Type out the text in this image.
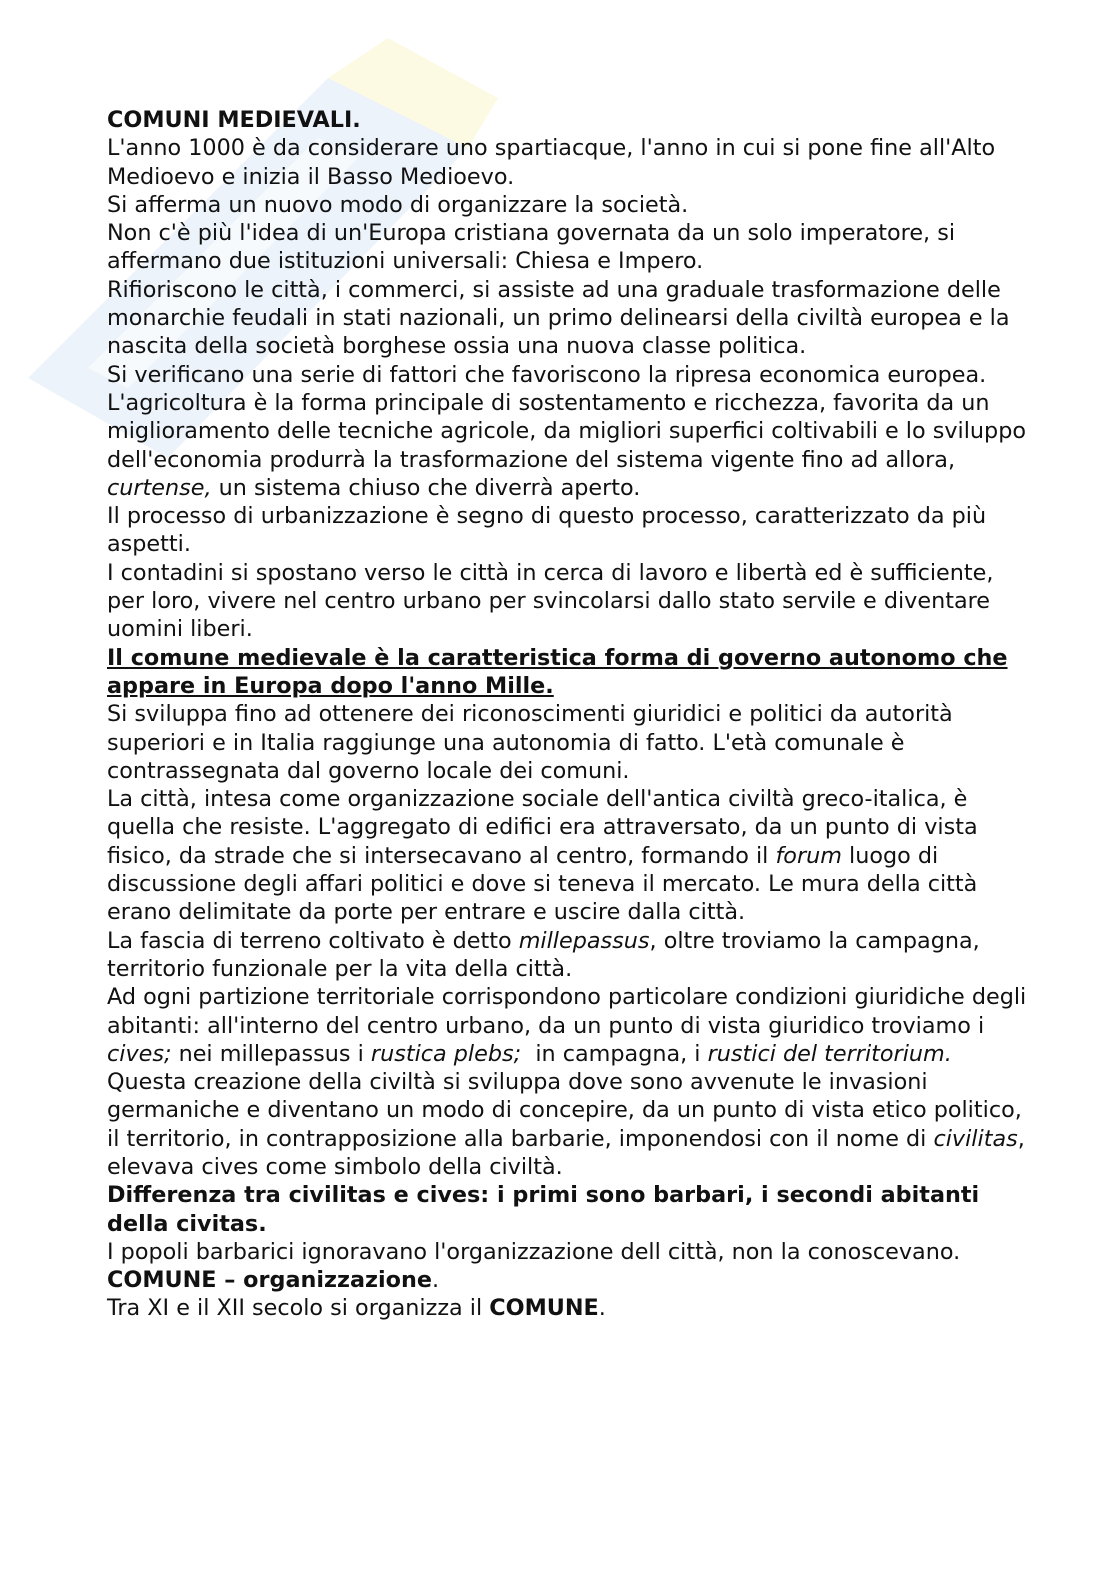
COMUNI MEDIEVALI.

L'anno 1000 è da considerare uno spartiacque, l'anno in cui si pone fine all'Alto Medioevo e inizia il Basso Medioevo.

Si afferma un nuovo modo di organizzare la società.

Non c'è più l'idea di un'Europa cristiana governata da un solo imperatore, si affermano due istituzioni universali: Chiesa e Impero.

Rifioriscono le città, i commerci, si assiste ad una graduale trasformazione delle monarchie feudali in stati nazionali, un primo delinearsi della civiltà europea e la nascita della società borghese ossia una nuova classe politica.

Si verificano una serie di fattori che favoriscono la ripresa economica europea. L'agricoltura è la forma principale di sostentamento e ricchezza, favorita da un miglioramento delle tecniche agricole, da migliori superfici coltivabili e lo sviluppo dell'economia produrrà la trasformazione del sistema vigente fino ad allora, curtense, un sistema chiuso che diverrà aperto.

Il processo di urbanizzazione è segno di questo processo, caratterizzato da più aspetti.

I contadini si spostano verso le città in cerca di lavoro e libertà ed è sufficiente, per loro, vivere nel centro urbano per svincolarsi dallo stato servile e diventare uomini liberi.

Il comune medievale è la caratteristica forma di governo autonomo che appare in Europa dopo l'anno Mille.

Si sviluppa fino ad ottenere dei riconoscimenti giuridici e politici da autorità superiori e in Italia raggiunge una autonomia di fatto. L'età comunale è contrassegnata dal governo locale dei comuni.

La città, intesa come organizzazione sociale dell'antica civiltà greco-italica, è quella che resiste. L'aggregato di edifici era attraversato, da un punto di vista fisico, da strade che si intersecavano al centro, formando il forum luogo di discussione degli affari politici e dove si teneva il mercato. Le mura della città erano delimitate da porte per entrare e uscire dalla città.

La fascia di terreno coltivato è detto millepassus, oltre troviamo la campagna, territorio funzionale per la vita della città.

Ad ogni partizione territoriale corrispondono particolare condizioni giuridiche degli abitanti: all'interno del centro urbano, da un punto di vista giuridico troviamo i cives; nei millepassus i rustica plebs;  in campagna, i rustici del territorium.

Questa creazione della civiltà si sviluppa dove sono avvenute le invasioni germaniche e diventano un modo di concepire, da un punto di vista etico politico, il territorio, in contrapposizione alla barbarie, imponendosi con il nome di civilitas, elevava cives come simbolo della civiltà.

Differenza tra civilitas e cives: i primi sono barbari, i secondi abitanti della civitas.

I popoli barbarici ignoravano l'organizzazione dell città, non la conoscevano.

COMUNE – organizzazione.

Tra XI e il XII secolo si organizza il COMUNE.
